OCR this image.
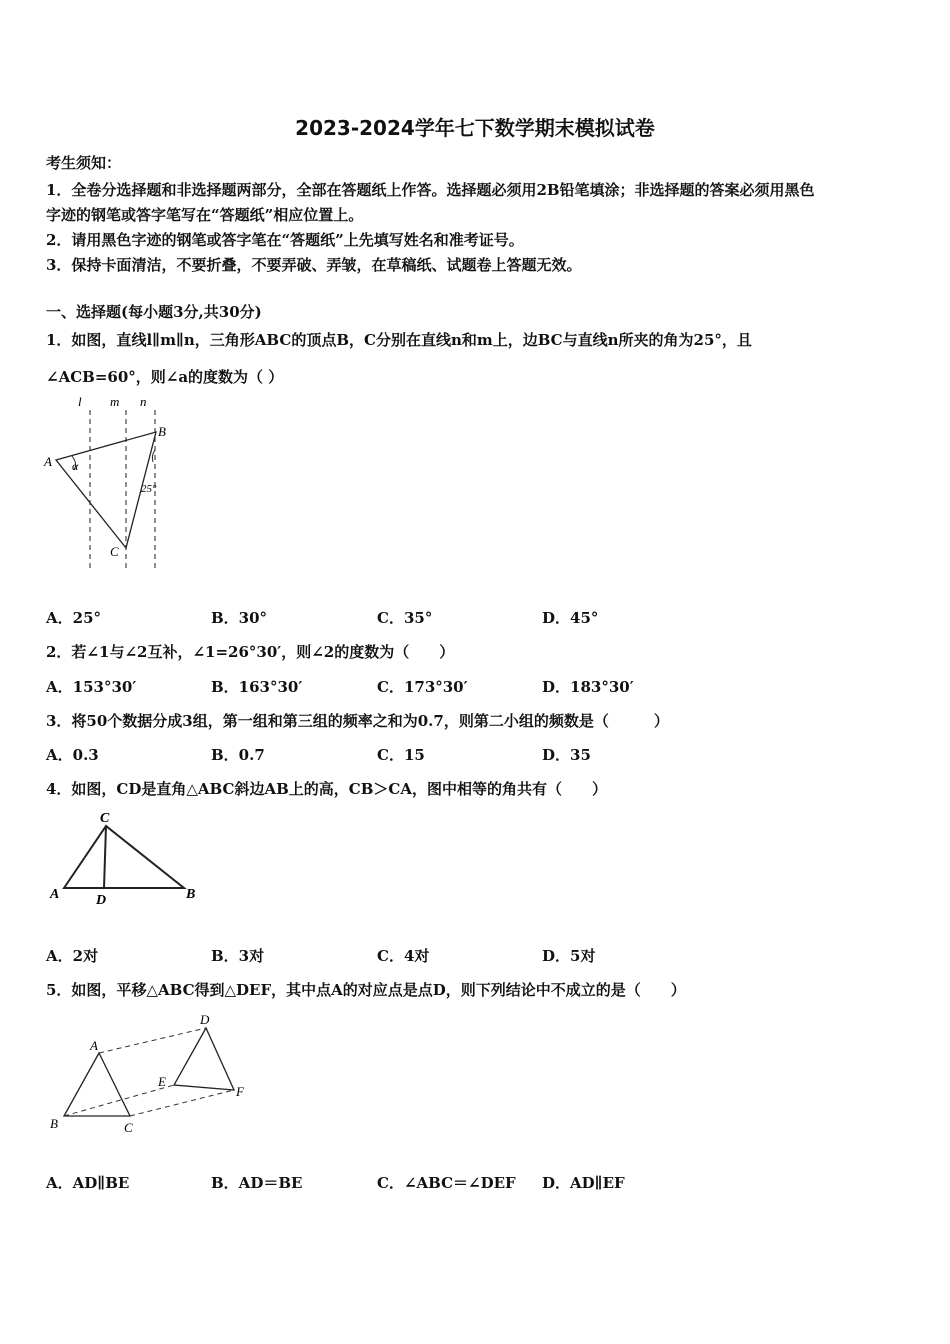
2023-2024学年七下数学期末模拟试卷
考生须知：
1．全卷分选择题和非选择题两部分，全部在答题纸上作答。选择题必须用2B铅笔填涂；非选择题的答案必须用黑色
字迹的钢笔或答字笔写在“答题纸”相应位置上。
2．请用黑色字迹的钢笔或答字笔在“答题纸”上先填写姓名和准考证号。
3．保持卡面清洁，不要折叠，不要弄破、弄皱，在草稿纸、试题卷上答题无效。
一、选择题(每小题3分,共30分)
1．如图，直线l∥m∥n，三角形ABC的顶点B，C分别在直线n和m上，边BC与直线n所夹的角为25°，且
∠ACB=60°，则∠a的度数为（ ）
l m n
A
B
C
α
25°
A．25°	B．30°	C．35°	D．45°
2．若∠1与∠2互补，∠1=26°30′，则∠2的度数为（　　）
A．153°30′	B．163°30′	C．173°30′	D．183°30′
3．将50个数据分成3组，第一组和第三组的频率之和为0.7，则第二小组的频数是（　　　）
A．0.3	B．0.7	C．15	D．35
4．如图，CD是直角△ABC斜边AB上的高，CB＞CA，图中相等的角共有（　　）
A	B
C
D
A．2对	B．3对	C．4对	D．5对
5．如图，平移△ABC得到△DEF，其中点A的对应点是点D，则下列结论中不成立的是（　　）
A
B	C
D
E
F
A．AD∥BE	B．AD＝BE	C．∠ABC＝∠DEF D．AD∥EF
